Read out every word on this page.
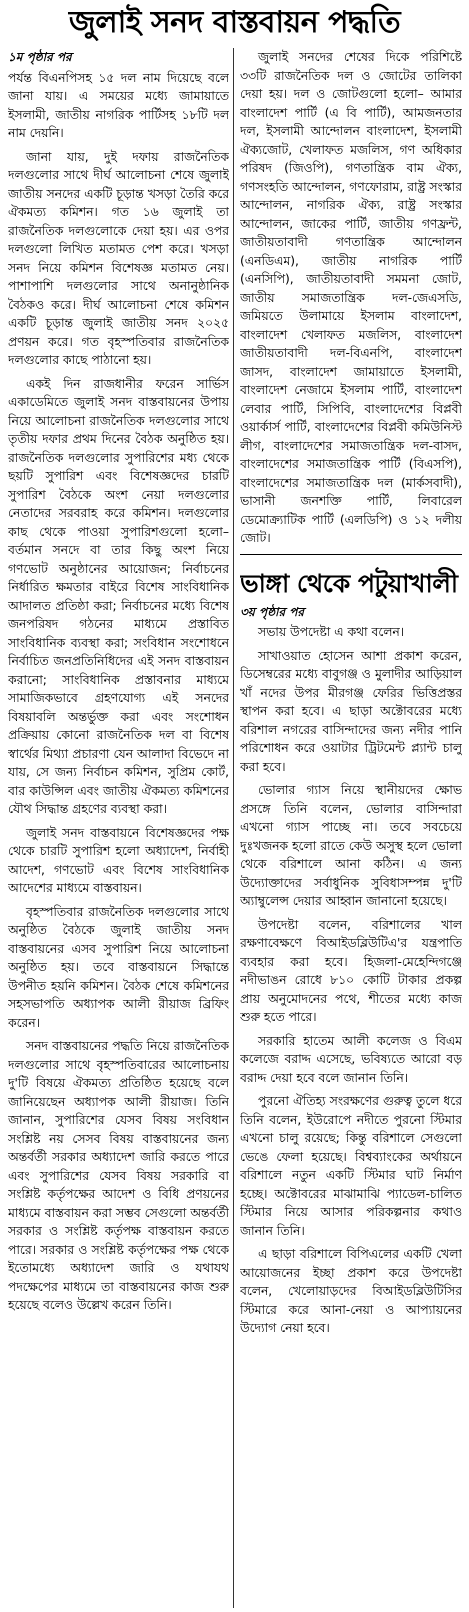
জুলাই সনদ বাস্তবায়ন পদ্ধতি
১ম পৃষ্ঠার পর

পর্যন্ত বিএনপিসহ ১৫ দল নাম দিয়েছে বলে জানা যায়। এ সময়ের মধ্যে জামায়াতে ইসলামী, জাতীয় নাগরিক পার্টিসহ ১৮টি দল নাম দেয়নি।

জানা যায়, দুই দফায় রাজনৈতিক দলগুলোর সাথে দীর্ঘ আলোচনা শেষে জুলাই জাতীয় সনদের একটি চূড়ান্ত খসড়া তৈরি করে ঐকমত্য কমিশন। গত ১৬ জুলাই তা রাজনৈতিক দলগুলোকে দেয়া হয়। এর ওপর দলগুলো লিখিত মতামত পেশ করে। খসড়া সনদ নিয়ে কমিশন বিশেষজ্ঞ মতামত নেয়। পাশাপাশি দলগুলোর সাথে অনানুষ্ঠানিক বৈঠকও করে। দীর্ঘ আলোচনা শেষে কমিশন একটি চূড়ান্ত জুলাই জাতীয় সনদ ২০২৫ প্রণয়ন করে। গত বৃহস্পতিবার রাজনৈতিক দলগুলোর কাছে পাঠানো হয়।

একই দিন রাজধানীর ফরেন সার্ভিস একাডেমিতে জুলাই সনদ বাস্তবায়নের উপায় নিয়ে আলোচনা রাজনৈতিক দলগুলোর সাথে তৃতীয় দফার প্রথম দিনের বৈঠক অনুষ্ঠিত হয়। রাজনৈতিক দলগুলোর সুপারিশের মধ্য থেকে ছয়টি সুপারিশ এবং বিশেষজ্ঞদের চারটি সুপারিশ বৈঠকে অংশ নেয়া দলগুলোর নেতাদের সরবরাহ করে কমিশন। দলগুলোর কাছ থেকে পাওয়া সুপারিশগুলো হলো– বর্তমান সনদে বা তার কিছু অংশ নিয়ে গণভোট অনুষ্ঠানের আয়োজন; নির্বাচনের নির্ধারিত ক্ষমতার বাইরে বিশেষ সাংবিধানিক আদালত প্রতিষ্ঠা করা; নির্বাচনের মধ্যে বিশেষ জনপরিষদ গঠনের মাধ্যমে প্রস্তাবিত সাংবিধানিক ব্যবস্থা করা; সংবিধান সংশোধনে নির্বাচিত জনপ্রতিনিধিদের এই সনদ বাস্তবায়ন করানো; সাংবিধানিক প্রস্তাবনার মাধ্যমে সামাজিকভাবে গ্রহণযোগ্য এই সনদের বিষয়াবলি অন্তর্ভুক্ত করা এবং সংশোধন প্রক্রিয়ায় কোনো রাজনৈতিক দল বা বিশেষ স্বার্থের মিথ্যা প্রচারণা যেন আলাদা বিভেদে না যায়, সে জন্য নির্বাচন কমিশন, সুপ্রিম কোর্ট, বার কাউন্সিল এবং জাতীয় ঐকমত্য কমিশনের যৌথ সিদ্ধান্ত গ্রহণের ব্যবস্থা করা।

জুলাই সনদ বাস্তবায়নে বিশেষজ্ঞদের পক্ষ থেকে চারটি সুপারিশ হলো অধ্যাদেশ, নির্বাহী আদেশ, গণভোট এবং বিশেষ সাংবিধানিক আদেশের মাধ্যমে বাস্তবায়ন।

বৃহস্পতিবার রাজনৈতিক দলগুলোর সাথে অনুষ্ঠিত বৈঠকে জুলাই জাতীয় সনদ বাস্তবায়নের এসব সুপারিশ নিয়ে আলোচনা অনুষ্ঠিত হয়। তবে বাস্তবায়নে সিদ্ধান্তে উপনীত হয়নি কমিশন। বৈঠক শেষে কমিশনের সহসভাপতি অধ্যাপক আলী রীয়াজ ব্রিফিং করেন।

সনদ বাস্তবায়নের পদ্ধতি নিয়ে রাজনৈতিক দলগুলোর সাথে বৃহস্পতিবারের আলোচনায় দু'টি বিষয়ে ঐকমত্য প্রতিষ্ঠিত হয়েছে বলে জানিয়েছেন অধ্যাপক আলী রীয়াজ। তিনি জানান, সুপারিশের যেসব বিষয় সংবিধান সংশ্লিষ্ট নয় সেসব বিষয় বাস্তবায়নের জন্য অন্তর্বর্তী সরকার অধ্যাদেশ জারি করতে পারে এবং সুপারিশের যেসব বিষয় সরকারি বা সংশ্লিষ্ট কর্তৃপক্ষের আদেশ ও বিধি প্রণয়নের মাধ্যমে বাস্তবায়ন করা সম্ভব সেগুলো অন্তর্বর্তী সরকার ও সংশ্লিষ্ট কর্তৃপক্ষ বাস্তবায়ন করতে পারে। সরকার ও সংশ্লিষ্ট কর্তৃপক্ষের পক্ষ থেকে ইতোমধ্যে অধ্যাদেশ জারি ও যথাযথ পদক্ষেপের মাধ্যমে তা বাস্তবায়নের কাজ শুরু হয়েছে বলেও উল্লেখ করেন তিনি।

জুলাই সনদের শেষের দিকে পরিশিষ্টে ৩৩টি রাজনৈতিক দল ও জোটের তালিকা দেয়া হয়। দল ও জোটগুলো হলো– আমার বাংলাদেশ পার্টি (এ বি পার্টি), আমজনতার দল, ইসলামী আন্দোলন বাংলাদেশ, ইসলামী ঐক্যজোট, খেলাফত মজলিস, গণ অধিকার পরিষদ (জিওপি), গণতান্ত্রিক বাম ঐক্য, গণসংহতি আন্দোলন, গণফোরাম, রাষ্ট্র সংস্কার আন্দোলন, নাগরিক ঐক্য, রাষ্ট্র সংস্কার আন্দোলন, জাকের পার্টি, জাতীয় গণফ্রন্ট, জাতীয়তাবাদী গণতান্ত্রিক আন্দোলন (এনডিএম), জাতীয় নাগরিক পার্টি (এনসিপি), জাতীয়তাবাদী সমমনা জোট, জাতীয় সমাজতান্ত্রিক দল-জেএসডি, জমিয়তে উলামায়ে ইসলাম বাংলাদেশ, বাংলাদেশ খেলাফত মজলিস, বাংলাদেশ জাতীয়তাবাদী দল-বিএনপি, বাংলাদেশ জাসদ, বাংলাদেশ জামায়াতে ইসলামী, বাংলাদেশ নেজামে ইসলাম পার্টি, বাংলাদেশ লেবার পার্টি, সিপিবি, বাংলাদেশের বিপ্লবী ওয়ার্কার্স পার্টি, বাংলাদেশের বিপ্লবী কমিউনিস্ট লীগ, বাংলাদেশের সমাজতান্ত্রিক দল-বাসদ, বাংলাদেশের সমাজতান্ত্রিক পার্টি (বিএসপি), বাংলাদেশের সমাজতান্ত্রিক দল (মার্কসবাদী), ভাসানী জনশক্তি পার্টি, লিবারেল ডেমোক্র্যাটিক পার্টি (এলডিপি) ও ১২ দলীয় জোট।

ভাঙ্গা থেকে পটুয়াখালী
৩য় পৃষ্ঠার পর

সভায় উপদেষ্টা এ কথা বলেন।

সাখাওয়াত হোসেন আশা প্রকাশ করেন, ডিসেম্বরের মধ্যে বাবুগঞ্জ ও মুলাদীর আড়িয়াল খাঁ নদের উপর মীরগঞ্জ ফেরির ভিত্তিপ্রস্তর স্থাপন করা হবে। এ ছাড়া অক্টোবরের মধ্যে বরিশাল নগরের বাসিন্দাদের জন্য নদীর পানি পরিশোধন করে ওয়াটার ট্রিটমেন্ট প্ল্যান্ট চালু করা হবে।

ভোলার গ্যাস নিয়ে স্থানীয়দের ক্ষোভ প্রসঙ্গে তিনি বলেন, ভোলার বাসিন্দারা এখনো গ্যাস পাচ্ছে না। তবে সবচেয়ে দুঃখজনক হলো রাতে কেউ অসুস্থ হলে ভোলা থেকে বরিশালে আনা কঠিন। এ জন্য উদ্যোক্তাদের সর্বাধুনিক সুবিধাসম্পন্ন দু'টি অ্যাম্বুলেন্স দেয়ার আহ্বান জানানো হয়েছে।

উপদেষ্টা বলেন, বরিশালের খাল রক্ষণাবেক্ষণে বিআইডব্লিউটিএ'র যন্ত্রপাতি ব্যবহার করা হবে। হিজলা-মেহেন্দিগঞ্জে নদীভাঙন রোধে ৮১০ কোটি টাকার প্রকল্প প্রায় অনুমোদনের পথে, শীতের মধ্যে কাজ শুরু হতে পারে।

সরকারি হাতেম আলী কলেজ ও বিএম কলেজে বরাদ্দ এসেছে, ভবিষ্যতে আরো বড় বরাদ্দ দেয়া হবে বলে জানান তিনি।

পুরনো ঐতিহ্য সংরক্ষণের গুরুত্ব তুলে ধরে তিনি বলেন, ইউরোপে নদীতে পুরনো স্টিমার এখনো চালু রয়েছে; কিন্তু বরিশালে সেগুলো ভেঙে ফেলা হয়েছে। বিশ্বব্যাংকের অর্থায়নে বরিশালে নতুন একটি স্টিমার ঘাট নির্মাণ হচ্ছে। অক্টোবরের মাঝামাঝি প্যাডেল-চালিত স্টিমার নিয়ে আসার পরিকল্পনার কথাও জানান তিনি।

এ ছাড়া বরিশালে বিপিএলের একটি খেলা আয়োজনের ইচ্ছা প্রকাশ করে উপদেষ্টা বলেন, খেলোয়াড়দের বিআইডব্লিউটিসির স্টিমারে করে আনা-নেয়া ও আপ্যায়নের উদ্যোগ নেয়া হবে।
